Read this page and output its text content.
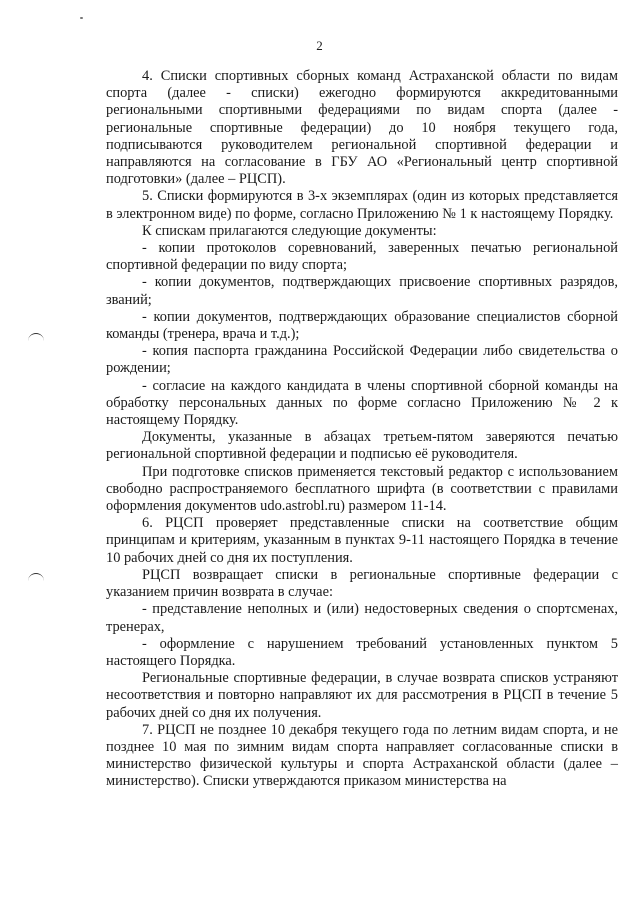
2

4. Списки спортивных сборных команд Астраханской области по видам спорта (далее - списки) ежегодно формируются аккредитованными региональными спортивными федерациями по видам спорта (далее - региональные спортивные федерации) до 10 ноября текущего года, подписываются руководителем региональной спортивной федерации и направляются на согласование в ГБУ АО «Региональный центр спортивной подготовки» (далее – РЦСП).

5. Списки формируются в 3-х экземплярах (один из которых представляется в электронном виде) по форме, согласно Приложению № 1 к настоящему Порядку.

К спискам прилагаются следующие документы:

- копии протоколов соревнований, заверенных печатью региональной спортивной федерации по виду спорта;

- копии документов, подтверждающих присвоение спортивных разрядов, званий;

- копии документов, подтверждающих образование специалистов сборной команды (тренера, врача и т.д.);

- копия паспорта гражданина Российской Федерации либо свидетельства о рождении;

- согласие на каждого кандидата в члены спортивной сборной команды на обработку персональных данных по форме согласно Приложению № 2 к настоящему Порядку.

Документы, указанные в абзацах третьем-пятом заверяются печатью региональной спортивной федерации и подписью её руководителя.

При подготовке списков применяется текстовый редактор с использованием свободно распространяемого бесплатного шрифта (в соответствии с правилами оформления документов udo.astrobl.ru) размером 11-14.

6. РЦСП проверяет представленные списки на соответствие общим принципам и критериям, указанным в пунктах 9-11 настоящего Порядка в течение 10 рабочих дней со дня их поступления.

РЦСП возвращает списки в региональные спортивные федерации с указанием причин возврата в случае:

- представление неполных и (или) недостоверных сведения о спортсменах, тренерах,

- оформление с нарушением требований установленных пунктом 5 настоящего Порядка.

Региональные спортивные федерации, в случае возврата списков устраняют несоответствия и повторно направляют их для рассмотрения в РЦСП в течение 5 рабочих дней со дня их получения.

7. РЦСП не позднее 10 декабря текущего года по летним видам спорта, и не позднее 10 мая по зимним видам спорта направляет согласованные списки в министерство физической культуры и спорта Астраханской области (далее – министерство). Списки утверждаются приказом министерства на
